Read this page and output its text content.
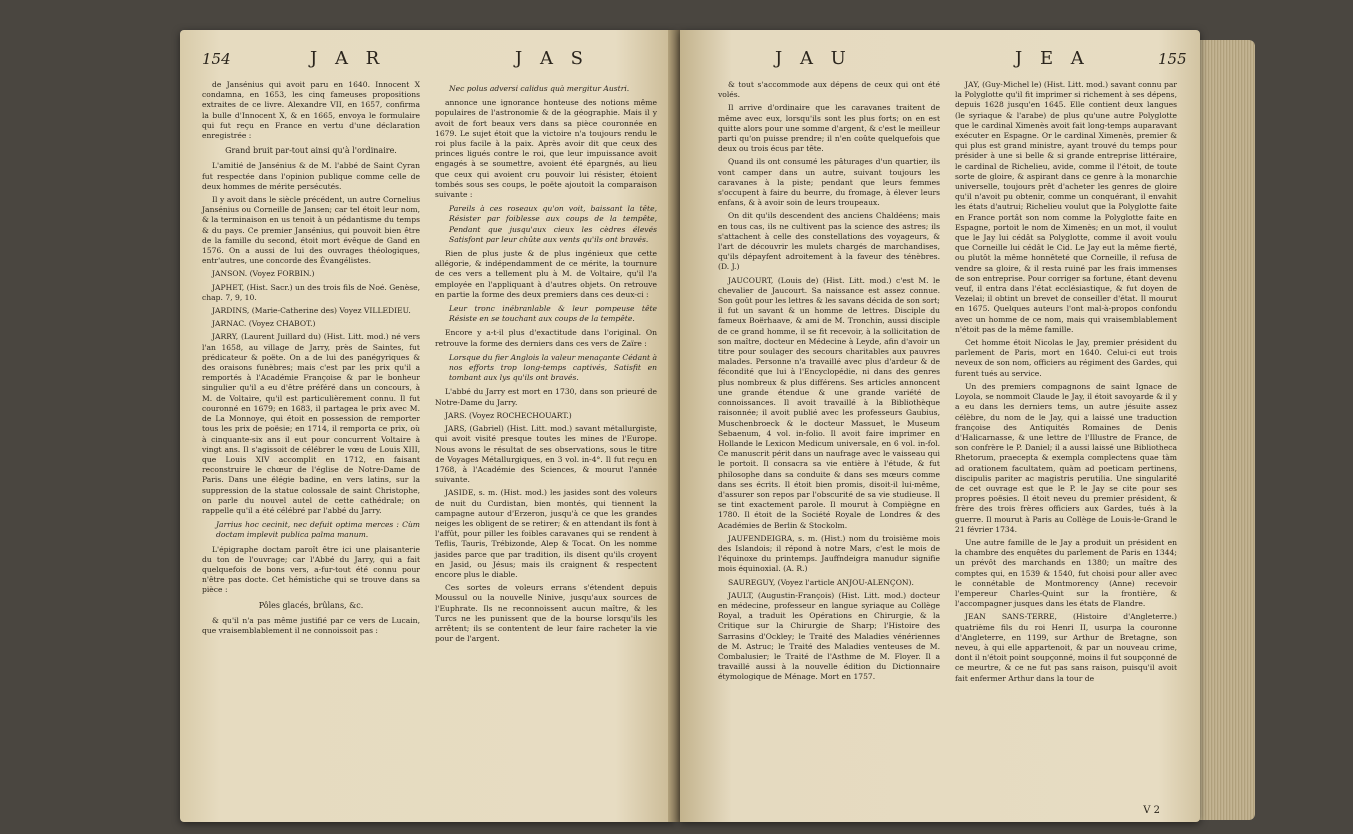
154	J A R	J A S

de Jansénius qui avoit paru en 1640. Innocent X condamna, en 1653, les cinq fameuses propositions extraites de ce livre. Alexandre VII, en 1657, confirma la bulle d'Innocent X, & en 1665, envoya le formulaire qui fut reçu en France en vertu d'une déclaration enregistrée :

Grand bruit par-tout ainsi qu'à l'ordinaire.

L'amitié de Jansénius & de M. l'abbé de Saint Cyran fut respectée dans l'opinion publique comme celle de deux hommes de mérite persécutés.

Il y avoit dans le siècle précédent, un autre Cornelius Jansénius ou Corneille de Jansen; car tel étoit leur nom, & la terminaison en us tenoit à un pédantisme du temps & du pays. Ce premier Jansénius, qui pouvoit bien être de la famille du second, étoit mort évêque de Gand en 1576. On a aussi de lui des ouvrages théologiques, entr'autres, une concorde des Évangélistes.

JANSON. (Voyez FORBIN.)

JAPHET, (Hist. Sacr.) un des trois fils de Noé. Genèse, chap. 7, 9, 10.

JARDINS, (Marie-Catherine des) Voyez VILLEDIEU.

JARNAC. (Voyez CHABOT.)

JARRY, (Laurent Juillard du) (Hist. Litt. mod.) né vers l'an 1658, au village de Jarry, près de Saintes, fut prédicateur & poëte. On a de lui des panégyriques & des oraisons funèbres; mais c'est par les prix qu'il a remportés à l'Académie Françoise & par le bonheur singulier qu'il a eu d'être préféré dans un concours, à M. de Voltaire, qu'il est particulièrement connu. Il fut couronné en 1679; en 1683, il partagea le prix avec M. de La Monnoye, qui étoit en possession de remporter tous les prix de poësie; en 1714, il remporta ce prix, où à cinquante-six ans il eut pour concurrent Voltaire à vingt ans. Il s'agissoit de célébrer le vœu de Louis XIII, que Louis XIV accomplit en 1712, en faisant reconstruire le chœur de l'église de Notre-Dame de Paris. Dans une élégie badine, en vers latins, sur la suppression de la statue colossale de saint Christophe, on parle du nouvel autel de cette cathédrale; on rappelle qu'il a été célébré par l'abbé du Jarry.

Jarrius hoc cecinit, nec defuit optima merces : Cùm doctam implevit publica palma manum.

L'épigraphe doctam paroît être ici une plaisanterie du ton de l'ouvrage; car l'Abbé du Jarry, qui a fait quelquefois de bons vers, a-fur-tout été connu pour n'être pas docte. Cet hémistiche qui se trouve dans sa pièce :

Pôles glacés, brûlans, &c.

& qu'il n'a pas même justifié par ce vers de Lucain, que vraisemblablement il ne connoissoit pas :

Nec polus adversi calidus quà mergitur Austri.

annonce une ignorance honteuse des notions même populaires de l'astronomie & de la géographie. Mais il y avoit de fort beaux vers dans sa pièce couronnée en 1679. Le sujet étoit que la victoire n'a toujours rendu le roi plus facile à la paix. Après avoir dit que ceux des princes ligués contre le roi, que leur impuissance avoit engagés à se soumettre, avoient été épargnés, au lieu que ceux qui avoient cru pouvoir lui résister, étoient tombés sous ses coups, le poëte ajoutoit la comparaison suivante :

Pareils à ces roseaux qu'on voit, baissant la tête, Résister par foiblesse aux coups de la tempête, Pendant que jusqu'aux cieux les cèdres élevés Satisfont par leur chûte aux vents qu'ils ont bravés.

Rien de plus juste & de plus ingénieux que cette allégorie, & indépendamment de ce mérite, la tournure de ces vers a tellement plu à M. de Voltaire, qu'il l'a employée en l'appliquant à d'autres objets. On retrouve en partie la forme des deux premiers dans ces deux-ci :

Leur tronc inébranlable & leur pompeuse tête Résiste en se touchant aux coups de la tempête.

Encore y a-t-il plus d'exactitude dans l'original. On retrouve la forme des derniers dans ces vers de Zaïre :

Lorsque du fier Anglois la valeur menaçante Cédant à nos efforts trop long-temps captivés, Satisfit en tombant aux lys qu'ils ont bravés.

L'abbé du Jarry est mort en 1730, dans son prieuré de Notre-Dame du Jarry.

JARS. (Voyez ROCHECHOUART.)

JARS, (Gabriel) (Hist. Litt. mod.) savant métallurgiste, qui avoit visité presque toutes les mines de l'Europe. Nous avons le résultat de ses observations, sous le titre de Voyages Métallurgiques, en 3 vol. in-4°. Il fut reçu en 1768, à l'Académie des Sciences, & mourut l'année suivante.

JASIDE, s. m. (Hist. mod.) les jasides sont des voleurs de nuit du Curdistan, bien montés, qui tiennent la campagne autour d'Erzeron, jusqu'à ce que les grandes neiges les obligent de se retirer; & en attendant ils font à l'affût, pour piller les foibles caravanes qui se rendent à Teflis, Tauris, Trébizonde, Alep & Tocat. On les nomme jasides parce que par tradition, ils disent qu'ils croyent en Jasid, ou Jésus; mais ils craignent & respectent encore plus le diable.

Ces sortes de voleurs errans s'étendent depuis Moussul ou la nouvelle Ninive, jusqu'aux sources de l'Euphrate. Ils ne reconnoissent aucun maître, & les Turcs ne les punissent que de la bourse lorsqu'ils les arrêtent; ils se contentent de leur faire racheter la vie pour de l'argent.

J A U	J E A	155

& tout s'accommode aux dépens de ceux qui ont été volés.

Il arrive d'ordinaire que les caravanes traitent de même avec eux, lorsqu'ils sont les plus forts; on en est quitte alors pour une somme d'argent, & c'est le meilleur parti qu'on puisse prendre; il n'en coûte quelquefois que deux ou trois écus par tête.

Quand ils ont consumé les pâturages d'un quartier, ils vont camper dans un autre, suivant toujours les caravanes à la piste; pendant que leurs femmes s'occupent à faire du beurre, du fromage, à élever leurs enfans, & à avoir soin de leurs troupeaux.

On dit qu'ils descendent des anciens Chaldéens; mais en tous cas, ils ne cultivent pas la science des astres; ils s'attachent à celle des constellations des voyageurs, & l'art de découvrir les mulets chargés de marchandises, qu'ils dépayfent adroitement à la faveur des ténèbres. (D. J.)

JAUCOURT, (Louis de) (Hist. Litt. mod.) c'est M. le chevalier de Jaucourt. Sa naissance est assez connue. Son goût pour les lettres & les savans décida de son sort; il fut un savant & un homme de lettres. Disciple du fameux Boërhaave, & ami de M. Tronchin, aussi disciple de ce grand homme, il se fit recevoir, à la sollicitation de son maître, docteur en Médecine à Leyde, afin d'avoir un titre pour soulager des secours charitables aux pauvres malades. Personne n'a travaillé avec plus d'ardeur & de fécondité que lui à l'Encyclopédie, ni dans des genres plus nombreux & plus différens. Ses articles annoncent une grande étendue & une grande variété de connoissances. Il avoit travaillé à la Bibliothèque raisonnée; il avoit publié avec les professeurs Gaubius, Muschenbroeck & le docteur Massuet, le Museum Sebaenum, 4 vol. in-folio. Il avoit faire imprimer en Hollande le Lexicon Medicum universale, en 6 vol. in-fol. Ce manuscrit périt dans un naufrage avec le vaisseau qui le portoit. Il consacra sa vie entière à l'étude, & fut philosophe dans sa conduite & dans ses mœurs comme dans ses écrits. Il étoit bien promis, disoit-il lui-même, d'assurer son repos par l'obscurité de sa vie studieuse. Il se tint exactement parole. Il mourut à Compiègne en 1780. Il étoit de la Société Royale de Londres & des Académies de Berlin & Stockolm.

JAUFENDEIGRA, s. m. (Hist.) nom du troisième mois des Islandois; il répond à notre Mars, c'est le mois de l'équinoxe du printemps. Jauffndeigra manudur signifie mois équinoxial. (A. R.)

SAUREGUY, (Voyez l'article ANJOU-ALENÇON).

JAULT, (Augustin-François) (Hist. Litt. mod.) docteur en médecine, professeur en langue syriaque au Collège Royal, a traduit les Opérations en Chirurgie, & la Critique sur la Chirurgie de Sharp; l'Histoire des Sarrasins d'Ockley; le Traité des Maladies vénériennes de M. Astruc; le Traité des Maladies venteuses de M. Combalusier; le Traité de l'Asthme de M. Floyer. Il a travaillé aussi à la nouvelle édition du Dictionnaire étymologique de Ménage. Mort en 1757.

JAY, (Guy-Michel le) (Hist. Litt. mod.) savant connu par la Polyglotte qu'il fit imprimer si richement à ses dépens, depuis 1628 jusqu'en 1645. Elle contient deux langues (le syriaque & l'arabe) de plus qu'une autre Polyglotte que le cardinal Ximenès avoit fait long-temps auparavant exécuter en Espagne. Or le cardinal Ximenès, premier & qui plus est grand ministre, ayant trouvé du temps pour présider à une si belle & si grande entreprise littéraire, le cardinal de Richelieu, avide, comme il l'étoit, de toute sorte de gloire, & aspirant dans ce genre à la monarchie universelle, toujours prêt d'acheter les genres de gloire qu'il n'avoit pu obtenir, comme un conquérant, il envahit les états d'autrui; Richelieu voulut que la Polyglotte faite en France portât son nom comme la Polyglotte faite en Espagne, portoit le nom de Ximenès; en un mot, il voulut que le Jay lui cédât sa Polyglotte, comme il avoit voulu que Corneille lui cédât le Cid. Le Jay eut la même fierté, ou plutôt la même honnêteté que Corneille, il refusa de vendre sa gloire, & il resta ruiné par les frais immenses de son entreprise. Pour corriger sa fortune, étant devenu veuf, il entra dans l'état ecclésiastique, & fut doyen de Vezelai; il obtint un brevet de conseiller d'état. Il mourut en 1675. Quelques auteurs l'ont mal-à-propos confondu avec un homme de ce nom, mais qui vraisemblablement n'étoit pas de la même famille.

Cet homme étoit Nicolas le Jay, premier président du parlement de Paris, mort en 1640. Celui-ci eut trois neveux de son nom, officiers au régiment des Gardes, qui furent tués au service.

Un des premiers compagnons de saint Ignace de Loyola, se nommoit Claude le Jay, il étoit savoyarde & il y a eu dans les derniers tems, un autre jésuite assez célèbre, du nom de le Jay, qui a laissé une traduction françoise des Antiquités Romaines de Denis d'Halicarnasse, & une lettre de l'Illustre de France, de son confrère le P. Daniel; il a aussi laissé une Bibliotheca Rhetorum, praecepta & exempla complectens quae tàm ad orationem facultatem, quàm ad poeticam pertinens, discipulis pariter ac magistris perutilia. Une singularité de cet ouvrage est que le P. le Jay se cite pour ses propres poësies. Il étoit neveu du premier président, & frère des trois frères officiers aux Gardes, tués à la guerre. Il mourut à Paris au Collège de Louis-le-Grand le 21 février 1734.

Une autre famille de le Jay a produit un président en la chambre des enquêtes du parlement de Paris en 1344; un prévôt des marchands en 1380; un maître des comptes qui, en 1539 & 1540, fut choisi pour aller avec le connétable de Montmorency (Anne) recevoir l'empereur Charles-Quint sur la frontière, & l'accompagner jusques dans les états de Flandre.

JEAN SANS-TERRE, (Histoire d'Angleterre.) quatrième fils du roi Henri II, usurpa la couronne d'Angleterre, en 1199, sur Arthur de Bretagne, son neveu, à qui elle appartenoit, & par un nouveau crime, dont il n'étoit point soupçonné, moins il fut soupçonné de ce meurtre, & ce ne fut pas sans raison, puisqu'il avoit fait enfermer Arthur dans la tour de

V 2
